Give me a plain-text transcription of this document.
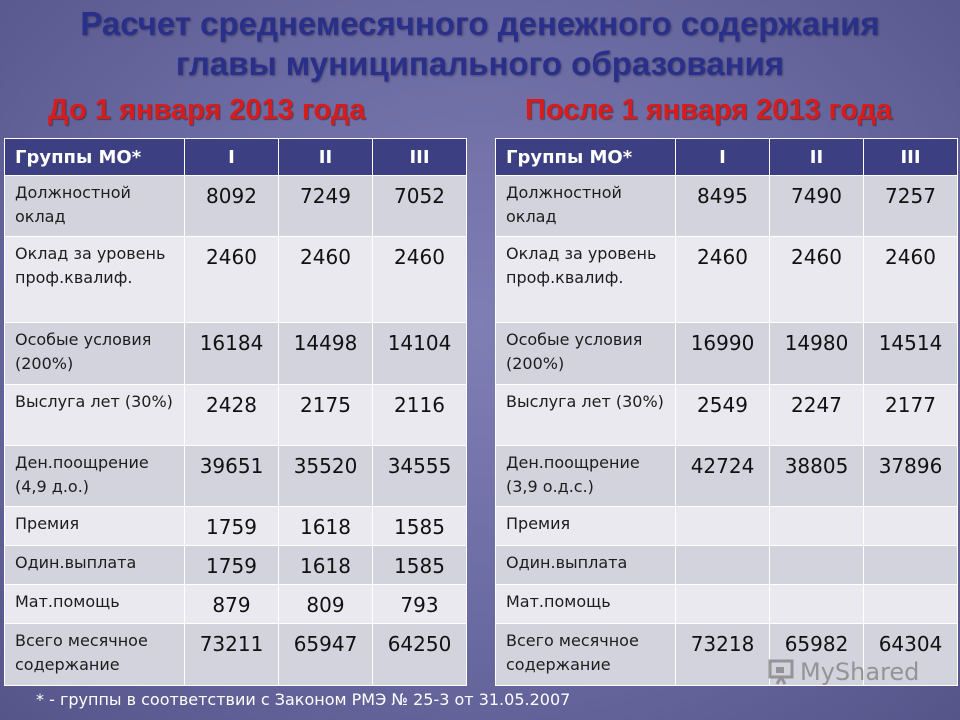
Расчет среднемесячного денежного содержания
главы муниципального образования
До 1 января 2013 года	После 1 января 2013 года
Группы МО*	I	II	III
Должностной оклад	8092	7249	7052
Оклад за уровень проф.квалиф.	2460	2460	2460
Особые условия (200%)	16184	14498	14104
Выслуга лет (30%)	2428	2175	2116
Ден.поощрение (4,9 д.о.)	39651	35520	34555
Премия	1759	1618	1585
Один.выплата	1759	1618	1585
Мат.помощь	879	809	793
Всего месячное содержание	73211	65947	64250
Группы МО*	I	II	III
Должностной оклад	8495	7490	7257
Оклад за уровень проф.квалиф.	2460	2460	2460
Особые условия (200%)	16990	14980	14514
Выслуга лет (30%)	2549	2247	2177
Ден.поощрение (3,9 о.д.с.)	42724	38805	37896
Премия			
Один.выплата			
Мат.помощь			
Всего месячное содержание	73218	65982	64304
* - группы в соответствии с Законом РМЭ № 25-3 от 31.05.2007
MyShared
